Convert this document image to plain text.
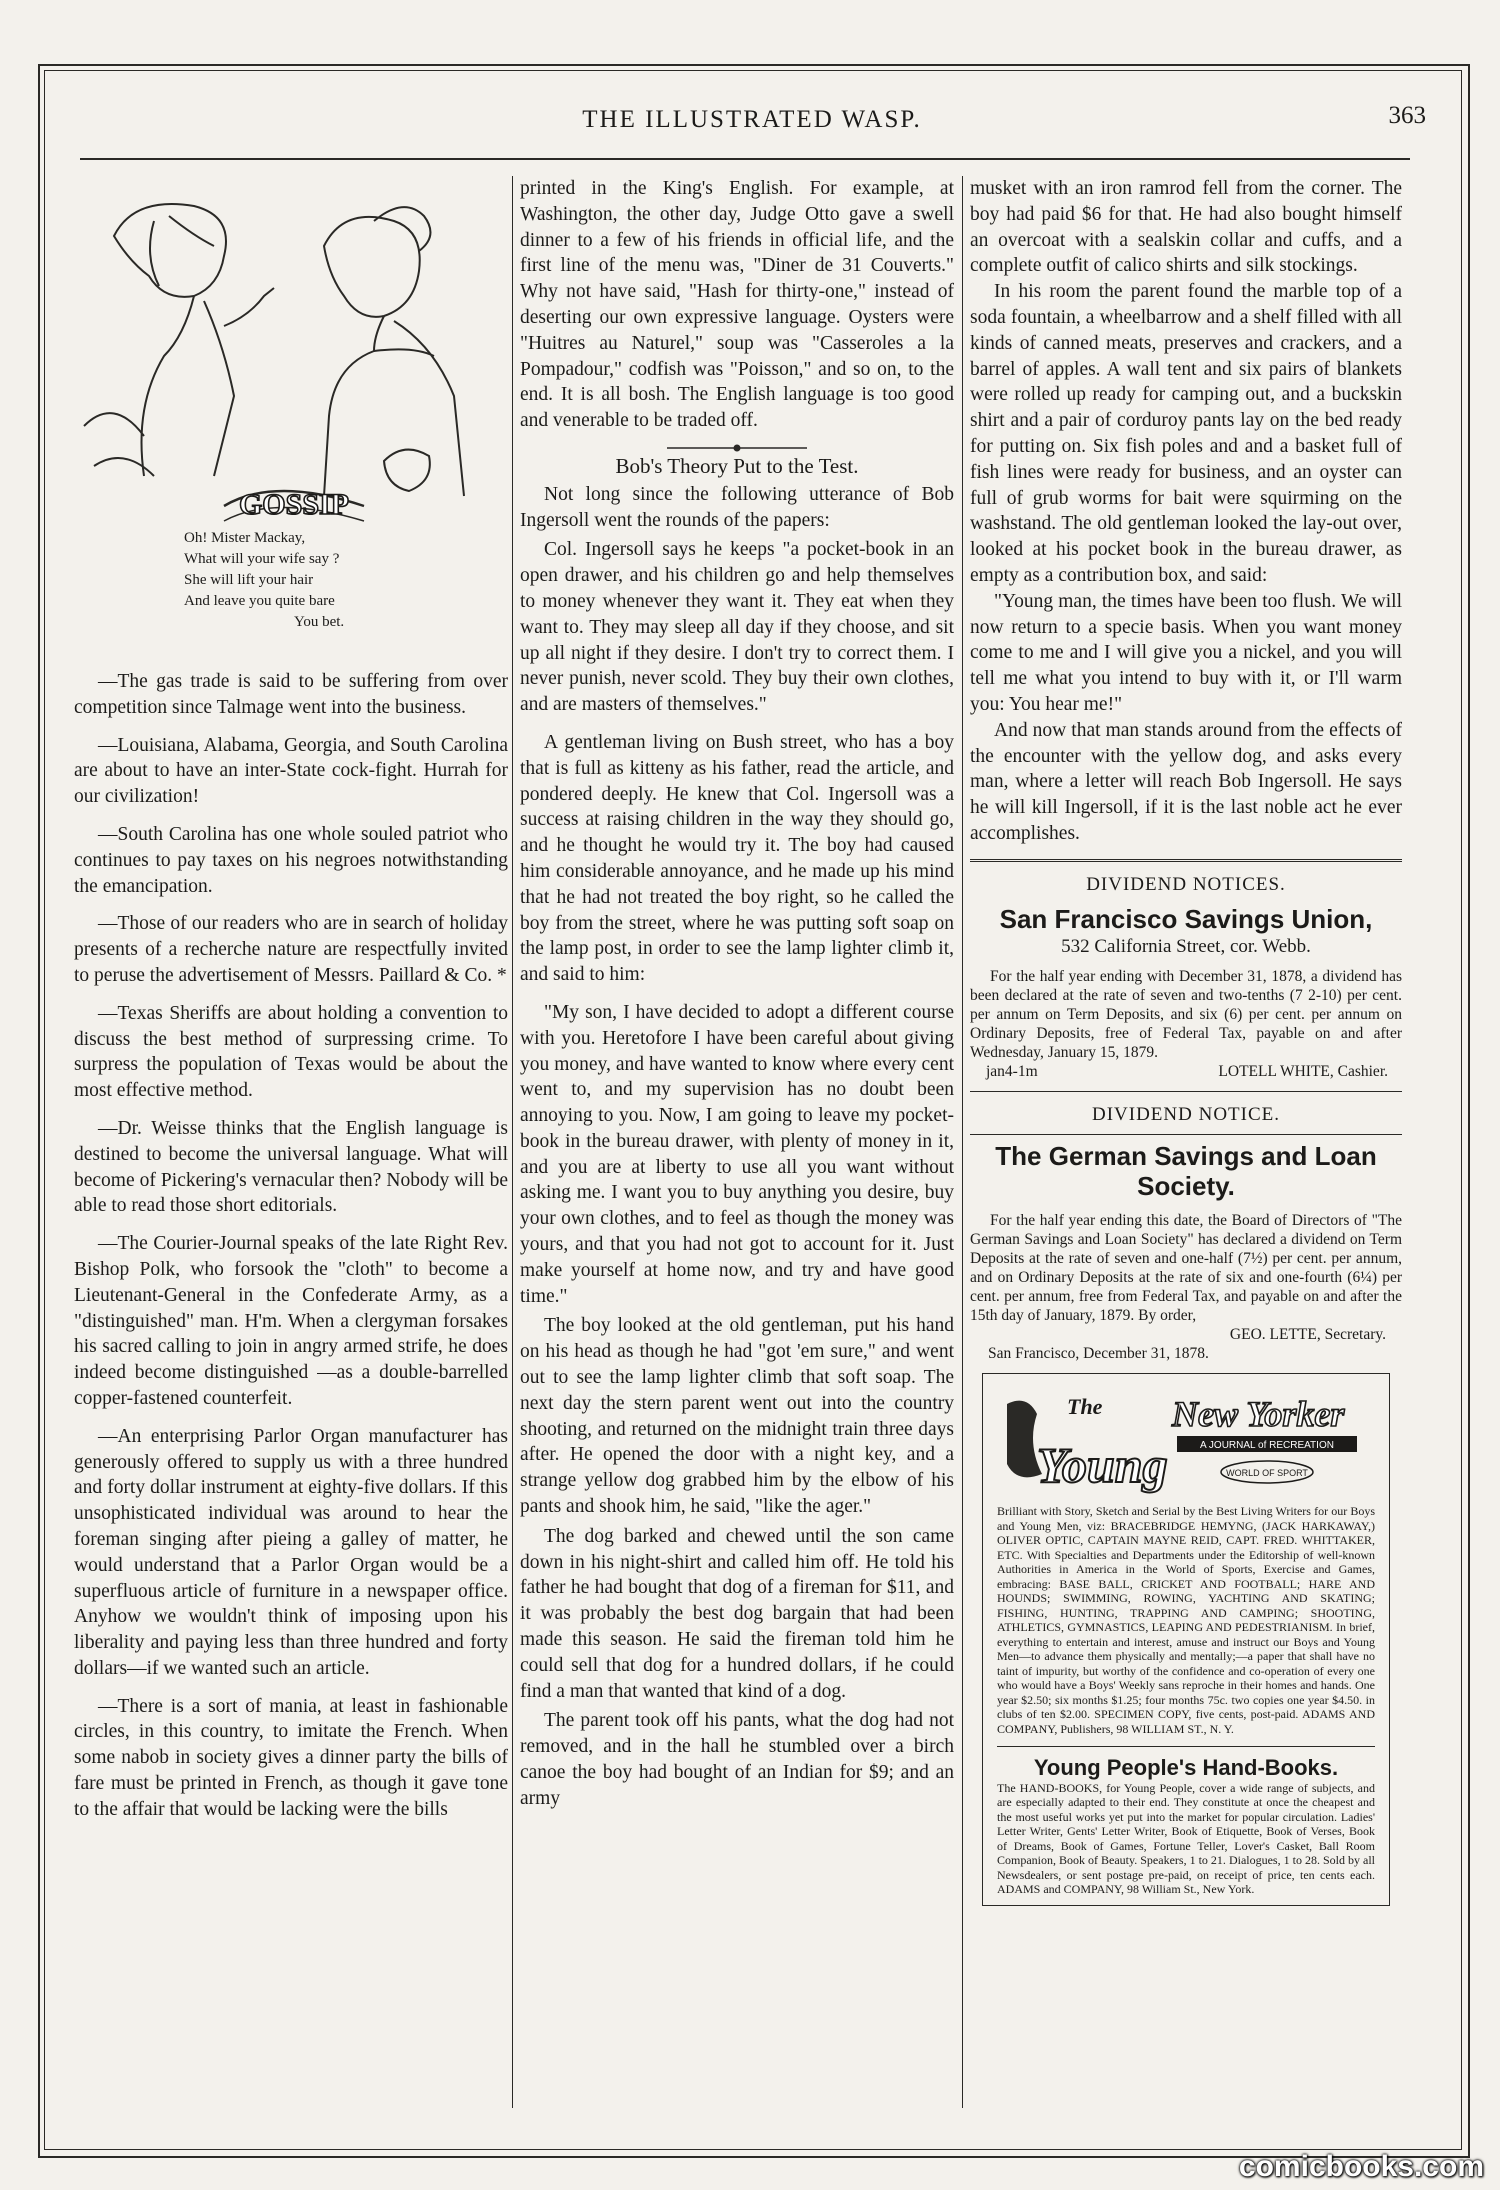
THE ILLUSTRATED WASP.	363
GOSSIP
Oh! Mister Mackay,
What will your wife say ?
She will lift your hair
And leave you quite bare
You bet.

—The gas trade is said to be suffering from over competition since Talmage went into the business.

—Louisiana, Alabama, Georgia, and South Carolina are about to have an inter-State cock-fight. Hurrah for our civilization!

—South Carolina has one whole souled patriot who continues to pay taxes on his negroes notwithstanding the emancipation.

—Those of our readers who are in search of holiday presents of a recherche nature are respectfully invited to peruse the advertisement of Messrs. Paillard & Co. *

—Texas Sheriffs are about holding a convention to discuss the best method of surpressing crime. To surpress the population of Texas would be about the most effective method.

—Dr. Weisse thinks that the English language is destined to become the universal language. What will become of Pickering's vernacular then? Nobody will be able to read those short editorials.

—The Courier-Journal speaks of the late Right Rev. Bishop Polk, who forsook the "cloth" to become a Lieutenant-General in the Confederate Army, as a "distinguished" man. H'm. When a clergyman forsakes his sacred calling to join in angry armed strife, he does indeed become distinguished —as a double-barrelled copper-fastened counterfeit.

—An enterprising Parlor Organ manufacturer has generously offered to supply us with a three hundred and forty dollar instrument at eighty-five dollars. If this unsophisticated individual was around to hear the foreman singing after pieing a galley of matter, he would understand that a Parlor Organ would be a superfluous article of furniture in a newspaper office. Anyhow we wouldn't think of imposing upon his liberality and paying less than three hundred and forty dollars—if we wanted such an article.

—There is a sort of mania, at least in fashionable circles, in this country, to imitate the French. When some nabob in society gives a dinner party the bills of fare must be printed in French, as though it gave tone to the affair that would be lacking were the bills

printed in the King's English. For example, at Washington, the other day, Judge Otto gave a swell dinner to a few of his friends in official life, and the first line of the menu was, "Diner de 31 Couverts." Why not have said, "Hash for thirty-one," instead of deserting our own expressive language. Oysters were "Huitres au Naturel," soup was "Casseroles a la Pompadour," codfish was "Poisson," and so on, to the end. It is all bosh. The English language is too good and venerable to be traded off.

Bob's Theory Put to the Test.

Not long since the following utterance of Bob Ingersoll went the rounds of the papers:

Col. Ingersoll says he keeps "a pocket-book in an open drawer, and his children go and help themselves to money whenever they want it. They eat when they want to. They may sleep all day if they choose, and sit up all night if they desire. I don't try to correct them. I never punish, never scold. They buy their own clothes, and are masters of themselves."

A gentleman living on Bush street, who has a boy that is full as kitteny as his father, read the article, and pondered deeply. He knew that Col. Ingersoll was a success at raising children in the way they should go, and he thought he would try it. The boy had caused him considerable annoyance, and he made up his mind that he had not treated the boy right, so he called the boy from the street, where he was putting soft soap on the lamp post, in order to see the lamp lighter climb it, and said to him:

"My son, I have decided to adopt a different course with you. Heretofore I have been careful about giving you money, and have wanted to know where every cent went to, and my supervision has no doubt been annoying to you. Now, I am going to leave my pocket-book in the bureau drawer, with plenty of money in it, and you are at liberty to use all you want without asking me. I want you to buy anything you desire, buy your own clothes, and to feel as though the money was yours, and that you had not got to account for it. Just make yourself at home now, and try and have good time."

The boy looked at the old gentleman, put his hand on his head as though he had "got 'em sure," and went out to see the lamp lighter climb that soft soap. The next day the stern parent went out into the country shooting, and returned on the midnight train three days after. He opened the door with a night key, and a strange yellow dog grabbed him by the elbow of his pants and shook him, he said, "like the ager."

The dog barked and chewed until the son came down in his night-shirt and called him off. He told his father he had bought that dog of a fireman for $11, and it was probably the best dog bargain that had been made this season. He said the fireman told him he could sell that dog for a hundred dollars, if he could find a man that wanted that kind of a dog.

The parent took off his pants, what the dog had not removed, and in the hall he stumbled over a birch canoe the boy had bought of an Indian for $9; and an army

musket with an iron ramrod fell from the corner. The boy had paid $6 for that. He had also bought himself an overcoat with a sealskin collar and cuffs, and a complete outfit of calico shirts and silk stockings.

In his room the parent found the marble top of a soda fountain, a wheelbarrow and a shelf filled with all kinds of canned meats, preserves and crackers, and a barrel of apples. A wall tent and six pairs of blankets were rolled up ready for camping out, and a buckskin shirt and a pair of corduroy pants lay on the bed ready for putting on. Six fish poles and and a basket full of fish lines were ready for business, and an oyster can full of grub worms for bait were squirming on the washstand. The old gentleman looked the lay-out over, looked at his pocket book in the bureau drawer, as empty as a contribution box, and said:

"Young man, the times have been too flush. We will now return to a specie basis. When you want money come to me and I will give you a nickel, and you will tell me what you intend to buy with it, or I'll warm you: You hear me!"

And now that man stands around from the effects of the encounter with the yellow dog, and asks every man, where a letter will reach Bob Ingersoll. He says he will kill Ingersoll, if it is the last noble act he ever accomplishes.

DIVIDEND NOTICES.

San Francisco Savings Union,

532 California Street, cor. Webb.

For the half year ending with December 31, 1878, a dividend has been declared at the rate of seven and two-tenths (7 2-10) per cent. per annum on Term Deposits, and six (6) per cent. per annum on Ordinary Deposits, free of Federal Tax, payable on and after Wednesday, January 15, 1879.

jan4-1m	LOTELL WHITE, Cashier.

DIVIDEND NOTICE.

The German Savings and Loan

Society.

For the half year ending this date, the Board of Directors of "The German Savings and Loan Society" has declared a dividend on Term Deposits at the rate of seven and one-half (7½) per cent. per annum, and on Ordinary Deposits at the rate of six and one-fourth (6¼) per cent. per annum, free from Federal Tax, and payable on and after the 15th day of January, 1879. By order,

GEO. LETTE, Secretary.

San Francisco, December 31, 1878.

The
Young
New Yorker
A JOURNAL of RECREATION
WORLD OF SPORT

Brilliant with Story, Sketch and Serial by the Best Living Writers for our Boys and Young Men, viz: BRACEBRIDGE HEMYNG, (JACK HARKAWAY,) OLIVER OPTIC, CAPTAIN MAYNE REID, CAPT. FRED. WHITTAKER, ETC. With Specialties and Departments under the Editorship of well-known Authorities in America in the World of Sports, Exercise and Games, embracing: BASE BALL, CRICKET AND FOOTBALL; HARE AND HOUNDS; SWIMMING, ROWING, YACHTING AND SKATING; FISHING, HUNTING, TRAPPING AND CAMPING; SHOOTING, ATHLETICS, GYMNASTICS, LEAPING AND PEDESTRIANISM. In brief, everything to entertain and interest, amuse and instruct our Boys and Young Men—to advance them physically and mentally;—a paper that shall have no taint of impurity, but worthy of the confidence and co-operation of every one who would have a Boys' Weekly sans reproche in their homes and hands. One year $2.50; six months $1.25; four months 75c. two copies one year $4.50. in clubs of ten $2.00. SPECIMEN COPY, five cents, post-paid. ADAMS AND COMPANY, Publishers, 98 WILLIAM ST., N. Y.

Young People's Hand-Books.

The HAND-BOOKS, for Young People, cover a wide range of subjects, and are especially adapted to their end. They constitute at once the cheapest and the most useful works yet put into the market for popular circulation. Ladies' Letter Writer, Gents' Letter Writer, Book of Etiquette, Book of Verses, Book of Dreams, Book of Games, Fortune Teller, Lover's Casket, Ball Room Companion, Book of Beauty. Speakers, 1 to 21. Dialogues, 1 to 28. Sold by all Newsdealers, or sent postage pre-paid, on receipt of price, ten cents each. ADAMS and COMPANY, 98 William St., New York.

comicbooks.com
